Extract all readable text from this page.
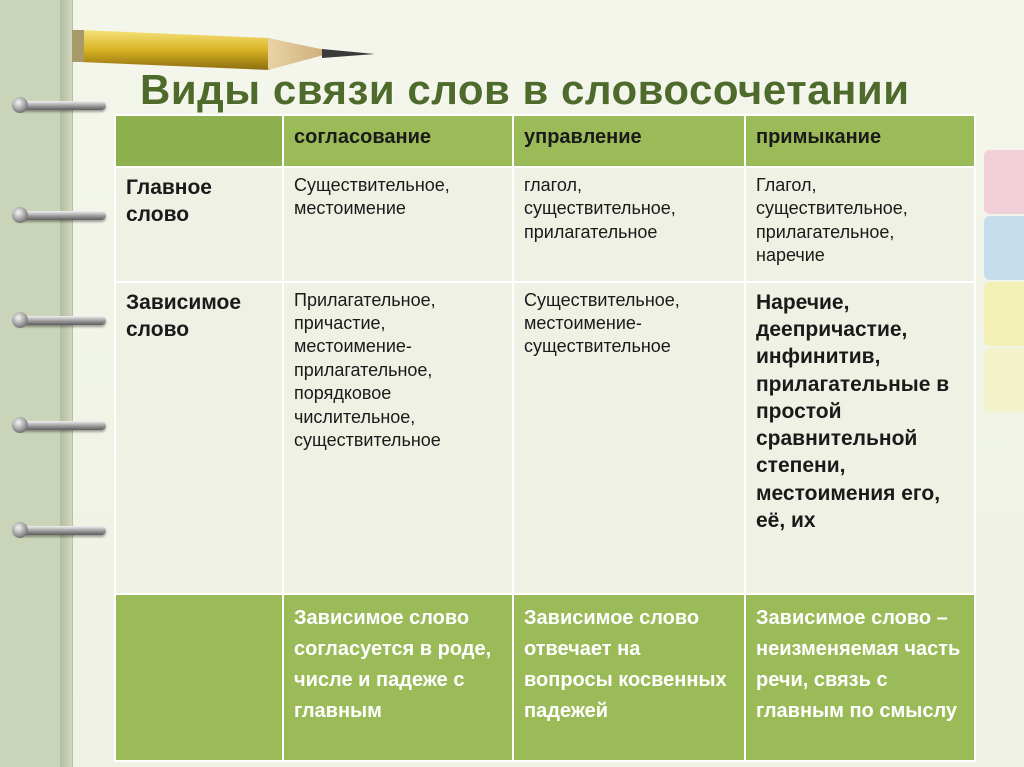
Виды связи слов в словосочетании
	согласование	управление	примыкание
Главное слово	Существительное, местоимение	глагол, существительное, прилагательное	Глагол, существительное, прилагательное, наречие
Зависимое слово	Прилагательное, причастие, местоимение-прилагательное, порядковое числительное, существительное	Существительное, местоимение-существительное	Наречие, деепричастие, инфинитив, прилагательные в простой сравнительной степени, местоимения его, её, их
	Зависимое слово согласуется в роде, числе и падеже с главным	Зависимое слово отвечает на вопросы косвенных падежей	Зависимое слово – неизменяемая часть речи, связь с главным по смыслу
